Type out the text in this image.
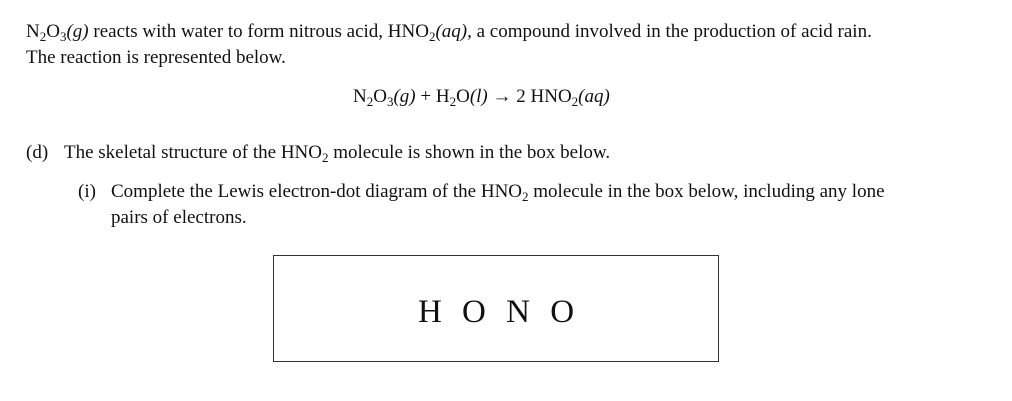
$N_2O_3(g)$ reacts with water to form nitrous acid, $HNO_2(aq)$, a compound involved in the production of acid rain.
The reaction is represented below.
$N_2O_3(g) + H_2O(l) \to 2$ $HNO_2(aq)$
(d) The skeletal structure of the $HNO_2$ molecule is shown in the box below.
(i) Complete the Lewis electron-dot diagram of the $HNO_2$ molecule in the box below, including any lone
pairs of electrons.
H O N O
